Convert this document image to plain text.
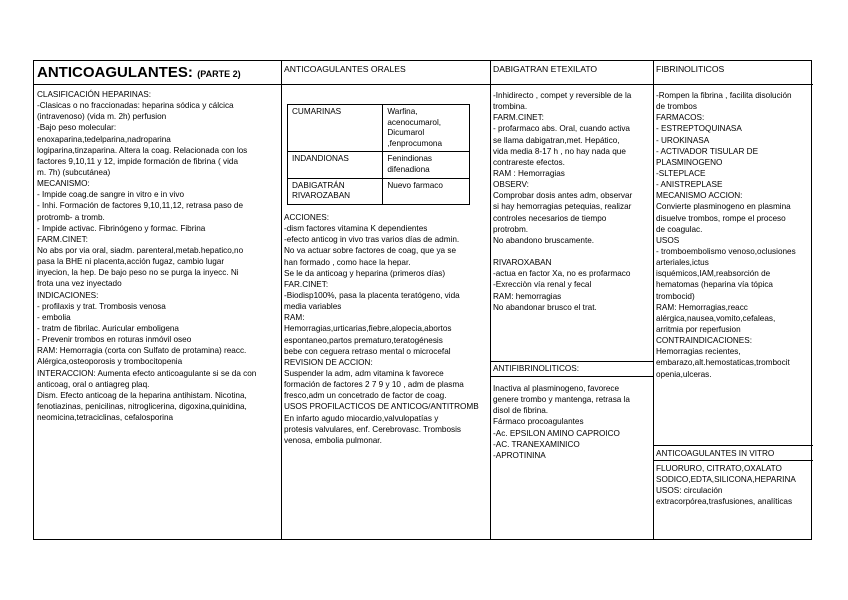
ANTICOAGULANTES: (PARTE 2)
CLASIFICACIÓN HEPARINAS:
-Clasicas o no fraccionadas: heparina sódica y cálcica
(intravenoso) (vida m. 2h) perfusion
-Bajo peso molecular:
enoxaparina,tedelparina,nadroparina
logiparina,tinzaparina. Altera la coag. Relacionada con los
factores 9,10,11 y 12, impide formación de fibrina ( vida
m. 7h) (subcutánea)
MECANISMO:
- Impide coag.de sangre in vitro e in vivo
- Inhi. Formación de factores 9,10,11,12, retrasa paso de
protromb- a tromb.
- Impide activac. Fibrinógeno y formac. Fibrina
FARM.CINET:
No abs por via oral, siadm. parenteral,metab.hepatico,no
pasa la BHE ni placenta,acción fugaz, cambio lugar
inyecion, la hep. De bajo peso no se purga la inyecc. Ni
frota una vez inyectado
INDICACIONES:
- profilaxis y trat. Trombosis venosa
- embolia
- tratm de fibrilac. Auricular emboligena
- Prevenir trombos en roturas inmóvil oseo
RAM: Hemorragia (corta con Sulfato de protamina) reacc.
Alérgica,osteoporosis y trombocitopenia
INTERACCION: Aumenta efecto anticoagulante si se da con
anticoag, oral o antiagreg plaq.
Dism. Efecto anticoag de la heparina antihistam. Nicotina,
fenotiazinas, penicilinas, nitroglicerina, digoxina,quinidina,
neomicina,tetraciclinas, cefalosporina
ANTICOAGULANTES ORALES
CUMARINAS	Warfina,
acenocumarol,
Dicumarol
,fenprocumona

INDANDIONAS	Fenindionas
difenadiona

DABIGATRÁN
RIVAROZABAN	Nuevo farmaco
ACCIONES:
-dism factores vitamina K dependientes
-efecto anticog in vivo tras varios días de admin.
No va actuar sobre factores de coag, que ya se
han formado , como hace la hepar.
Se le da anticoag y heparina (primeros días)
FAR.CINET:
-Biodisp100%, pasa la placenta teratógeno, vida
media variables
RAM:
Hemorragias,urticarias,fiebre,alopecia,abortos
espontaneo,partos prematuro,teratogénesis
bebe con ceguera retraso mental o microcefal
REVISION DE ACCION:
Suspender la adm, adm vitamina k favorece
formación de factores 2 7 9 y 10 , adm de plasma
fresco,adm un concetrado de factor de coag.
USOS PROFILACTICOS DE ANTICOG/ANTITROMB
En infarto agudo miocardio,valvulopatías y
protesis valvulares, enf. Cerebrovasc. Trombosis
venosa, embolia pulmonar.
DABIGATRAN ETEXILATO
-Inhidirecto , compet y reversible de la
trombina.
FARM.CINET:
- profarmaco abs. Oral, cuando activa
se llama dabigatran,met. Hepático,
vida media 8-17 h , no hay nada que
contrareste efectos.
RAM : Hemorragias
OBSERV:
Comprobar dosis antes adm, observar
si hay hemorragias petequias, realizar
controles necesarios de tiempo
protrobm.
No abandono bruscamente.
RIVAROXABAN
-actua en factor Xa, no es profarmaco
-Exrecciòn vía renal y fecal
RAM: hemorragias
No abandonar brusco el trat.
ANTIFIBRINOLITICOS:
Inactiva al plasminogeno, favorece
genere trombo y mantenga, retrasa la
disol de fibrina.
Fármaco procoagulantes
-Ac. EPSILON AMINO CAPROICO
-AC. TRANEXAMINICO
-APROTININA
FIBRINOLITICOS
-Rompen la fibrina , facilita disolución
de trombos
FARMACOS:
- ESTREPTOQUINASA
- UROKINASA
- ACTIVADOR TISULAR DE
PLASMINOGENO
-SLTEPLACE
- ANISTREPLASE
MECANISMO ACCION:
Convierte plasminogeno en plasmina
disuelve trombos, rompe el proceso
de coagulac.
USOS
- tromboembolismo venoso,oclusiones
arteriales,ictus
isquémicos,IAM,reabsorción de
hematomas (heparina vía tópica
trombocid)
RAM: Hemorragias,reacc
alérgica,nausea,vomito,cefaleas,
arritmia por reperfusion
CONTRAINDICACIONES:
Hemorragias recientes,
embarazo,alt.hemostaticas,trombocit
openia,ulceras.
ANTICOAGULANTES IN VITRO
FLUORURO, CITRATO,OXALATO
SODICO,EDTA,SILICONA,HEPARINA
USOS: circulación
extracorpórea,trasfusiones, analíticas
